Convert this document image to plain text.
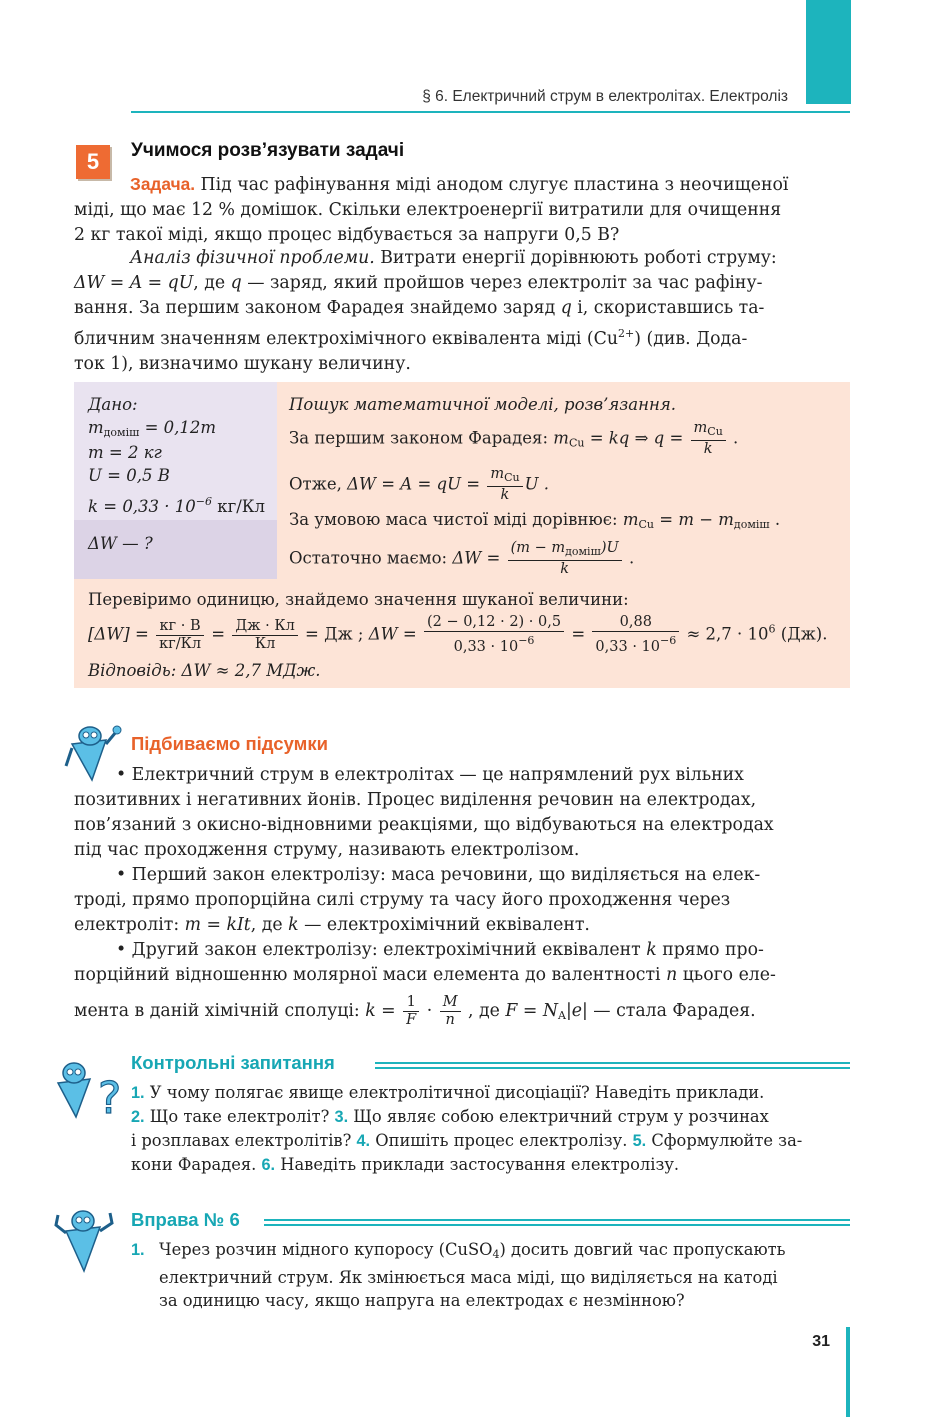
§ 6. Електричний струм в електролітах. Електроліз
5	Учимося розв’язувати задачі
Задача. Під час рафінування міді анодом слугує пластина з неочищеної
міді, що має 12 % домішок. Скільки електроенергії витратили для очищення
2 кг такої міді, якщо процес відбувається за напруги 0,5 В?
Аналіз фізичної проблеми. Витрати енергії дорівнюють роботі струму:
ΔW = A = qU, де q — заряд, який пройшов через електроліт за час рафіну-
вання. За першим законом Фарадея знайдемо заряд q і, скориставшись та-
бличним значенням електрохімічного еквівалента міді $(Cu^{2+})$ (див. Дода-
ток 1), визначимо шукану величину.
Дано:
$m_{доміш} = 0,12m$
m = 2 кг
U = 0,5 В
$k = 0,33 \cdot 10^{-6}$ кг/Кл
ΔW — ?
Пошук математичної моделі, розв’язання.
За першим законом Фарадея: $m_{Cu}$ = kq ⇒ $q = \frac{m_{Cu}}{k}$ .
Отже, ΔW = A = qU = $\frac{m_{Cu}}{k}$ U .
За умовою маса чистої міді дорівнює: $m_{Cu} = m - m_{доміш}$ .
Остаточно маємо: $\Delta W = \frac{(m - m_{доміш})U}{k}$ .
Перевіримо одиницю, знайдемо значення шуканої величини:
$[\Delta W] = \frac{кг \cdot В}{кг/Кл} = \frac{Дж \cdot Кл}{Кл}$ = Дж ; $\Delta W = \frac{(2 - 0,12 \cdot 2) \cdot 0,5}{0,33 \cdot 10^{-6}} = \frac{0,88}{0,33 \cdot 10^{-6}} \approx 2,7 \cdot 10^6$ (Дж).
Відповідь: ΔW ≈ 2,7 МДж.
Підбиваємо підсумки
• Електричний струм в електролітах — це напрямлений рух вільних
позитивних і негативних йонів. Процес виділення речовин на електродах,
пов’язаний з окисно-відновними реакціями, що відбуваються на електродах
під час проходження струму, називають електролізом.
• Перший закон електролізу: маса речовини, що виділяється на елек-
троді, прямо пропорційна силі струму та часу його проходження через
електроліт: m = kIt, де k — електрохімічний еквівалент.
• Другий закон електролізу: електрохімічний еквівалент k прямо про-
порційний відношенню молярної маси елемента до валентності n цього еле-
мента в даній хімічній сполуці: $k = \frac{1}{F} \cdot \frac{M}{n}$ , де $F = N_A|e|$ — стала Фарадея.
?
Контрольні запитання
1. У чому полягає явище електролітичної дисоціації? Наведіть приклади.
2. Що таке електроліт? 3. Що являє собою електричний струм у розчинах
і розплавах електролітів? 4. Опишіть процес електролізу. 5. Сформулюйте за-
кони Фарадея. 6. Наведіть приклади застосування електролізу.
Вправа № 6
1. Через розчин мідного купоросу (CuSO$_4$) досить довгий час пропускають
електричний струм. Як змінюється маса міді, що виділяється на катоді
за одиницю часу, якщо напруга на електродах є незмінною?
31
